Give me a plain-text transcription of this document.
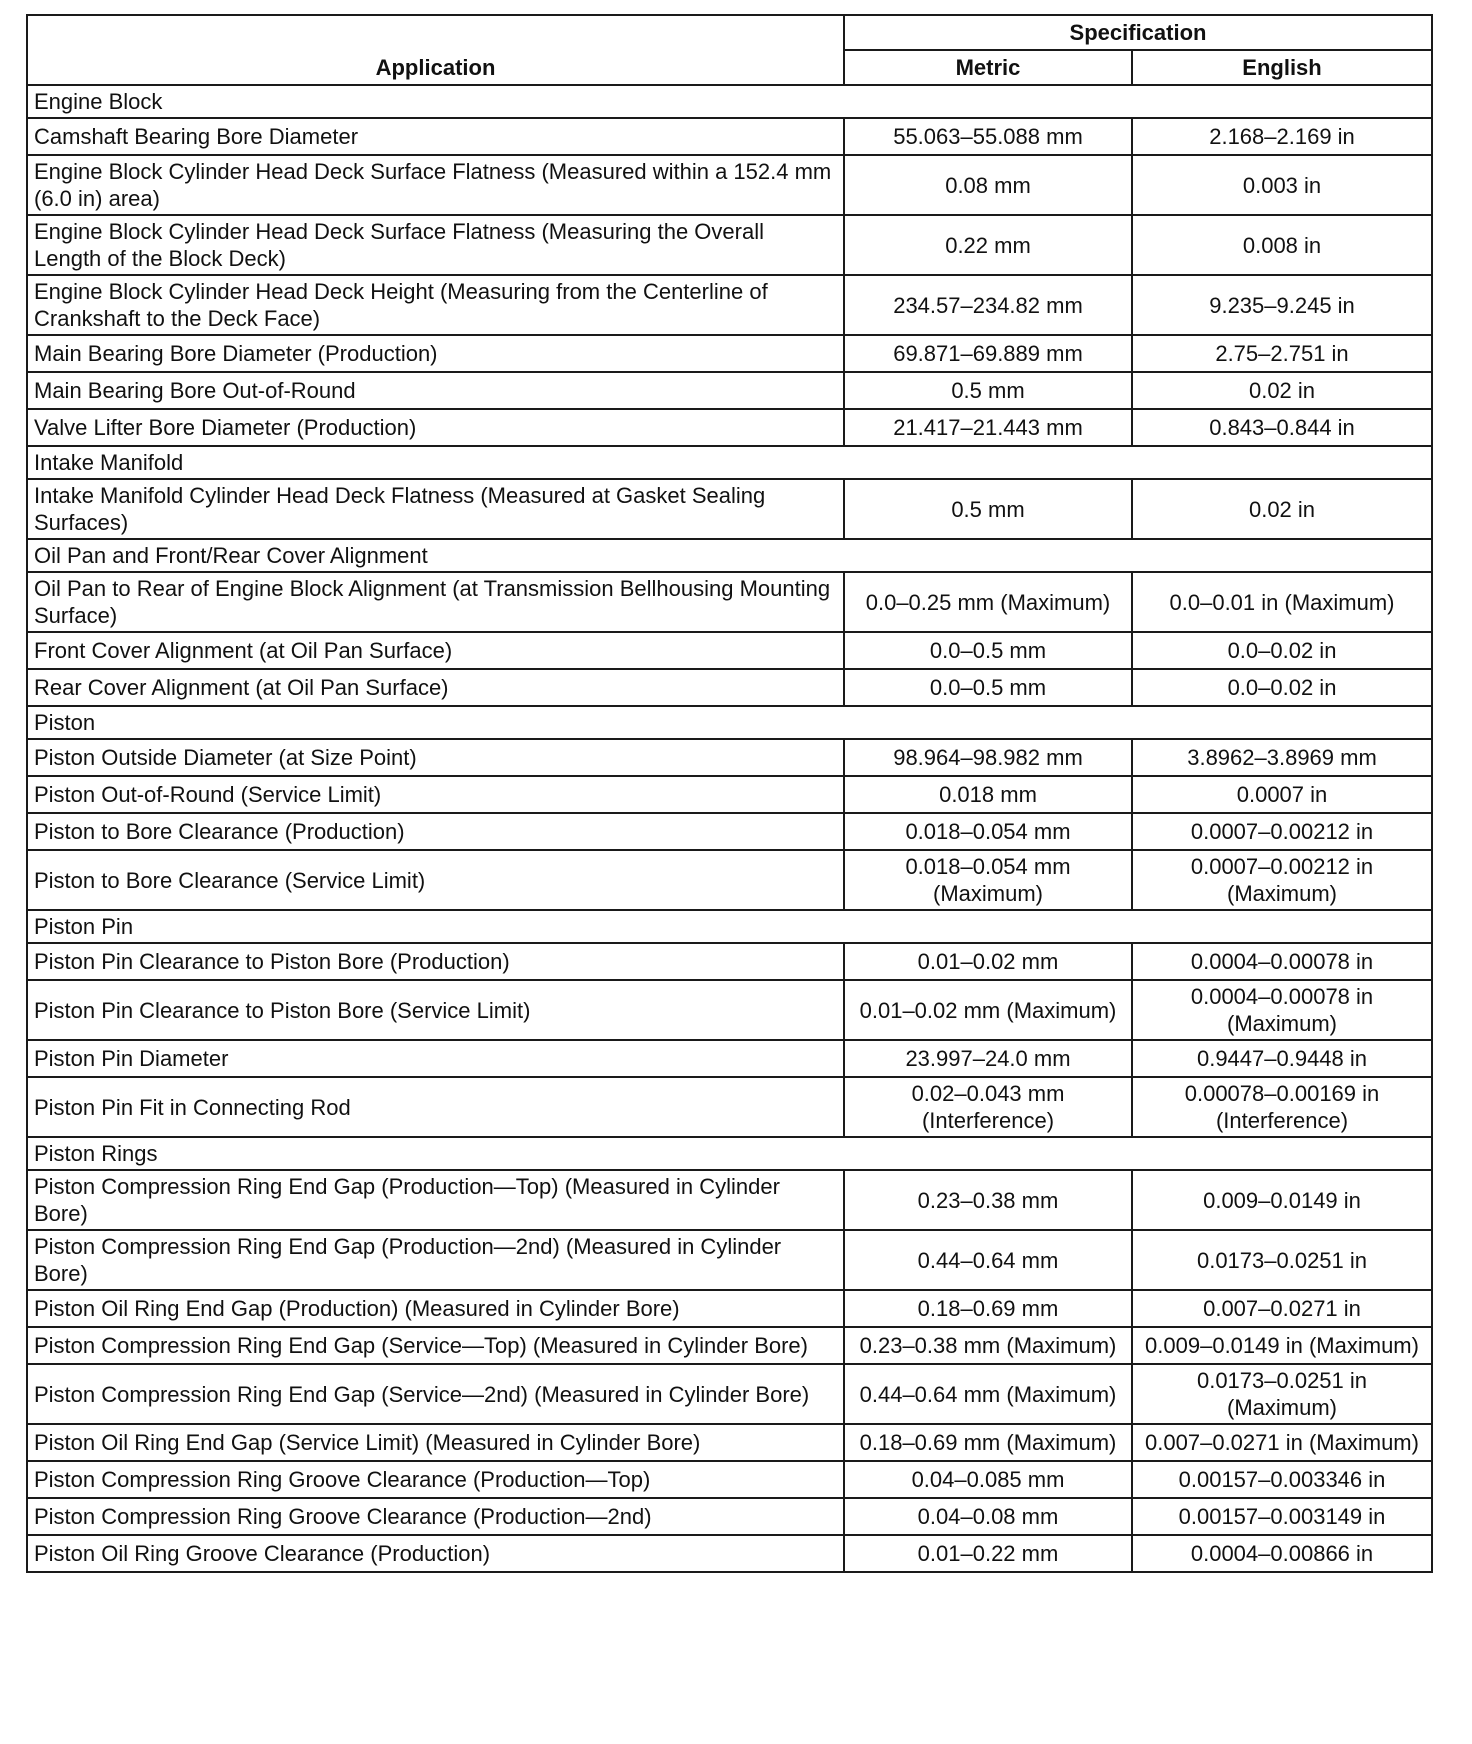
Application	Specification	
	Metric	English
Engine Block		
Camshaft Bearing Bore Diameter	55.063–55.088 mm	2.168–2.169 in
Engine Block Cylinder Head Deck Surface Flatness (Measured within a 152.4 mm (6.0 in) area)	0.08 mm	0.003 in
Engine Block Cylinder Head Deck Surface Flatness (Measuring the Overall Length of the Block Deck)	0.22 mm	0.008 in
Engine Block Cylinder Head Deck Height (Measuring from the Centerline of Crankshaft to the Deck Face)	234.57–234.82 mm	9.235–9.245 in
Main Bearing Bore Diameter (Production)	69.871–69.889 mm	2.75–2.751 in
Main Bearing Bore Out-of-Round	0.5 mm	0.02 in
Valve Lifter Bore Diameter (Production)	21.417–21.443 mm	0.843–0.844 in
Intake Manifold		
Intake Manifold Cylinder Head Deck Flatness (Measured at Gasket Sealing Surfaces)	0.5 mm	0.02 in
Oil Pan and Front/Rear Cover Alignment		
Oil Pan to Rear of Engine Block Alignment (at Transmission Bellhousing Mounting Surface)	0.0–0.25 mm (Maximum)	0.0–0.01 in (Maximum)
Front Cover Alignment (at Oil Pan Surface)	0.0–0.5 mm	0.0–0.02 in
Rear Cover Alignment (at Oil Pan Surface)	0.0–0.5 mm	0.0–0.02 in
Piston		
Piston Outside Diameter (at Size Point)	98.964–98.982 mm	3.8962–3.8969 mm
Piston Out-of-Round (Service Limit)	0.018 mm	0.0007 in
Piston to Bore Clearance (Production)	0.018–0.054 mm	0.0007–0.00212 in
Piston to Bore Clearance (Service Limit)	0.018–0.054 mm (Maximum)	0.0007–0.00212 in (Maximum)
Piston Pin		
Piston Pin Clearance to Piston Bore (Production)	0.01–0.02 mm	0.0004–0.00078 in
Piston Pin Clearance to Piston Bore (Service Limit)	0.01–0.02 mm (Maximum)	0.0004–0.00078 in (Maximum)
Piston Pin Diameter	23.997–24.0 mm	0.9447–0.9448 in
Piston Pin Fit in Connecting Rod	0.02–0.043 mm (Interference)	0.00078–0.00169 in (Interference)
Piston Rings		
Piston Compression Ring End Gap (Production—Top) (Measured in Cylinder Bore)	0.23–0.38 mm	0.009–0.0149 in
Piston Compression Ring End Gap (Production—2nd) (Measured in Cylinder Bore)	0.44–0.64 mm	0.0173–0.0251 in
Piston Oil Ring End Gap (Production) (Measured in Cylinder Bore)	0.18–0.69 mm	0.007–0.0271 in
Piston Compression Ring End Gap (Service—Top) (Measured in Cylinder Bore)	0.23–0.38 mm (Maximum)	0.009–0.0149 in (Maximum)
Piston Compression Ring End Gap (Service—2nd) (Measured in Cylinder Bore)	0.44–0.64 mm (Maximum)	0.0173–0.0251 in (Maximum)
Piston Oil Ring End Gap (Service Limit) (Measured in Cylinder Bore)	0.18–0.69 mm (Maximum)	0.007–0.0271 in (Maximum)
Piston Compression Ring Groove Clearance (Production—Top)	0.04–0.085 mm	0.00157–0.003346 in
Piston Compression Ring Groove Clearance (Production—2nd)	0.04–0.08 mm	0.00157–0.003149 in
Piston Oil Ring Groove Clearance (Production)	0.01–0.22 mm	0.0004–0.00866 in
